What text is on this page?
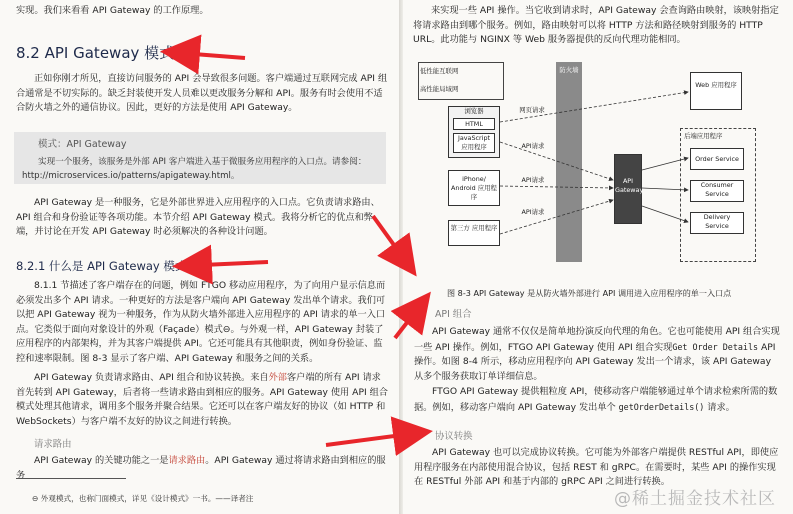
实现。我们来看看 API Gateway 的工作原理。

8.2 API Gateway 模式

正如你刚才所见，直接访问服务的 API 会导致很多问题。客户端通过互联网完成 API 组合通常是不切实际的。缺乏封装使开发人员难以更改服务分解和 API。服务有时会使用不适合防火墙之外的通信协议。因此，更好的方法是使用 API Gateway。

模式：API Gateway

实现一个服务，该服务是外部 API 客户端进入基于微服务应用程序的入口点。请参阅：http://microservices.io/patterns/apigateway.html。

API Gateway 是一种服务，它是外部世界进入应用程序的入口点。它负责请求路由、API 组合和身份验证等各项功能。本节介绍 API Gateway 模式。我将分析它的优点和弊端，并讨论在开发 API Gateway 时必须解决的各种设计问题。

8.2.1 什么是 API Gateway 模式

8.1.1 节描述了客户端存在的问题，例如 FTGO 移动应用程序，为了向用户显示信息而必须发出多个 API 请求。一种更好的方法是客户端向 API Gateway 发出单个请求。我们可以把 API Gateway 视为一种服务，作为从防火墙外部进入应用程序的 API 请求的单一入口点。它类似于面向对象设计的外观（Façade）模式⊖。与外观一样，API Gateway 封装了应用程序的内部架构，并为其客户端提供 API。它还可能具有其他职责，例如身份验证、监控和速率限制。图 8-3 显示了客户端、API Gateway 和服务之间的关系。

API Gateway 负责请求路由、API 组合和协议转换。来自外部客户端的所有 API 请求首先转到 API Gateway，后者将一些请求路由到相应的服务。API Gateway 使用 API 组合模式处理其他请求，调用多个服务并聚合结果。它还可以在客户端友好的协议（如 HTTP 和 WebSockets）与客户端不友好的协议之间进行转换。

请求路由

API Gateway 的关键功能之一是请求路由。API Gateway 通过将请求路由到相应的服务

⊖ 外观模式，也称门面模式，详见《设计模式》一书。——译者注

来实现一些 API 操作。当它收到请求时，API Gateway 会查询路由映射，该映射指定将请求路由到哪个服务。例如，路由映射可以将 HTTP 方法和路径映射到服务的 HTTP URL。此功能与 NGINX 等 Web 服务器提供的反向代理功能相同。

低性能互联网
高性能局域网
防火墙
浏览器
HTML
JavaScript 应用程序
iPhone/ Android 应用程序
第三方 应用程序
API Gateway
Web 应用程序
后端应用程序
Order Service
Consumer Service
Delivery Service
网页请求
API请求
API请求
API请求

图 8-3 API Gateway 是从防火墙外部进行 API 调用进入应用程序的单一入口点

API 组合

API Gateway 通常不仅仅是简单地扮演反向代理的角色。它也可能使用 API 组合实现一些 API 操作。例如，FTGO API Gateway 使用 API 组合实现Get Order Details API 操作。如图 8-4 所示，移动应用程序向 API Gateway 发出一个请求，该 API Gateway 从多个服务获取订单详细信息。

FTGO API Gateway 提供粗粒度 API，使移动客户端能够通过单个请求检索所需的数据。例如，移动客户端向 API Gateway 发出单个 getOrderDetails() 请求。

协议转换

API Gateway 也可以完成协议转换。它可能为外部客户端提供 RESTful API，即使应用程序服务在内部使用混合协议，包括 REST 和 gRPC。在需要时，某些 API 的操作实现在 RESTful 外部 API 和基于内部的 gRPC API 之间进行转换。

@稀土掘金技术社区
